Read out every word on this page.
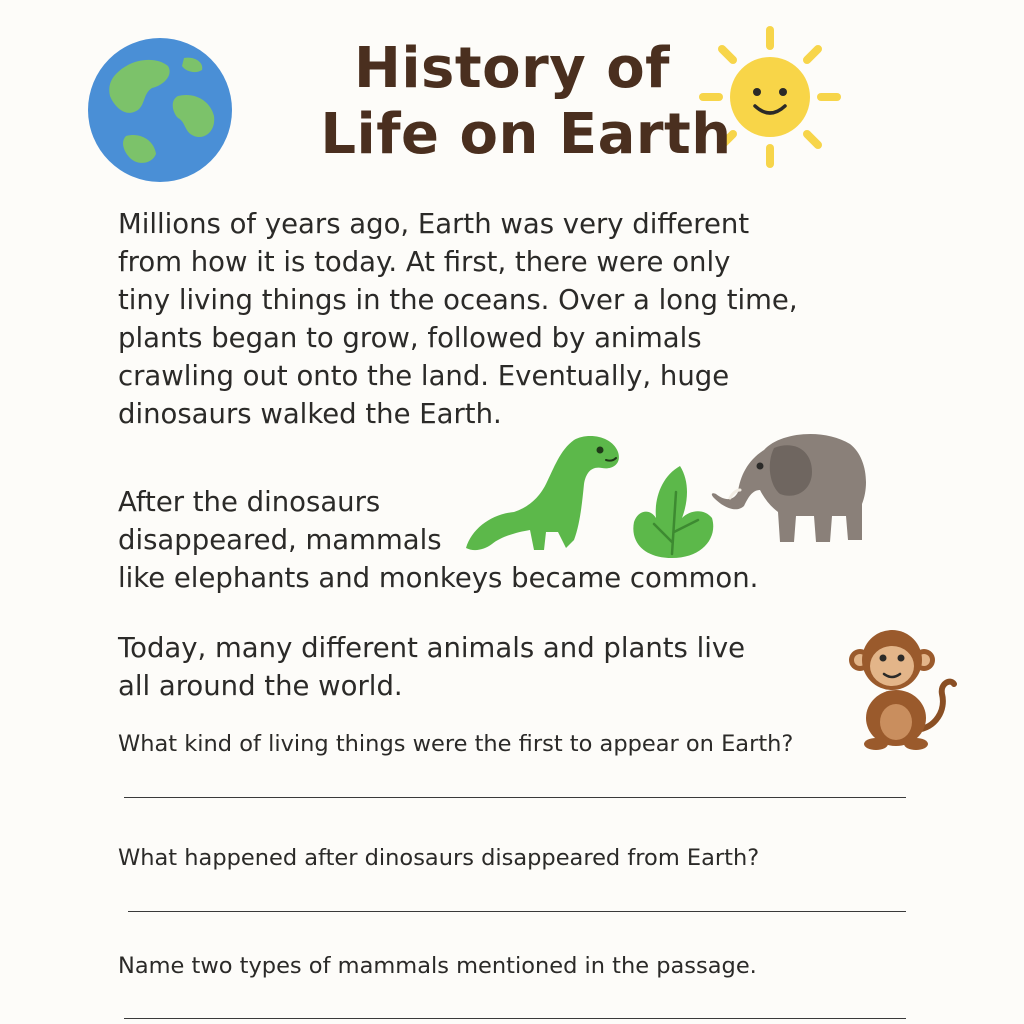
History of
Life on Earth
Millions of years ago, Earth was very different
from how it is today. At first, there were only
tiny living things in the oceans. Over a long time,
plants began to grow, followed by animals
crawling out onto the land. Eventually, huge
dinosaurs walked the Earth.
After the dinosaurs
disappeared, mammals
like elephants and monkeys became common.
Today, many different animals and plants live
all around the world.
What kind of living things were the first to appear on Earth?
What happened after dinosaurs disappeared from Earth?
Name two types of mammals mentioned in the passage.
